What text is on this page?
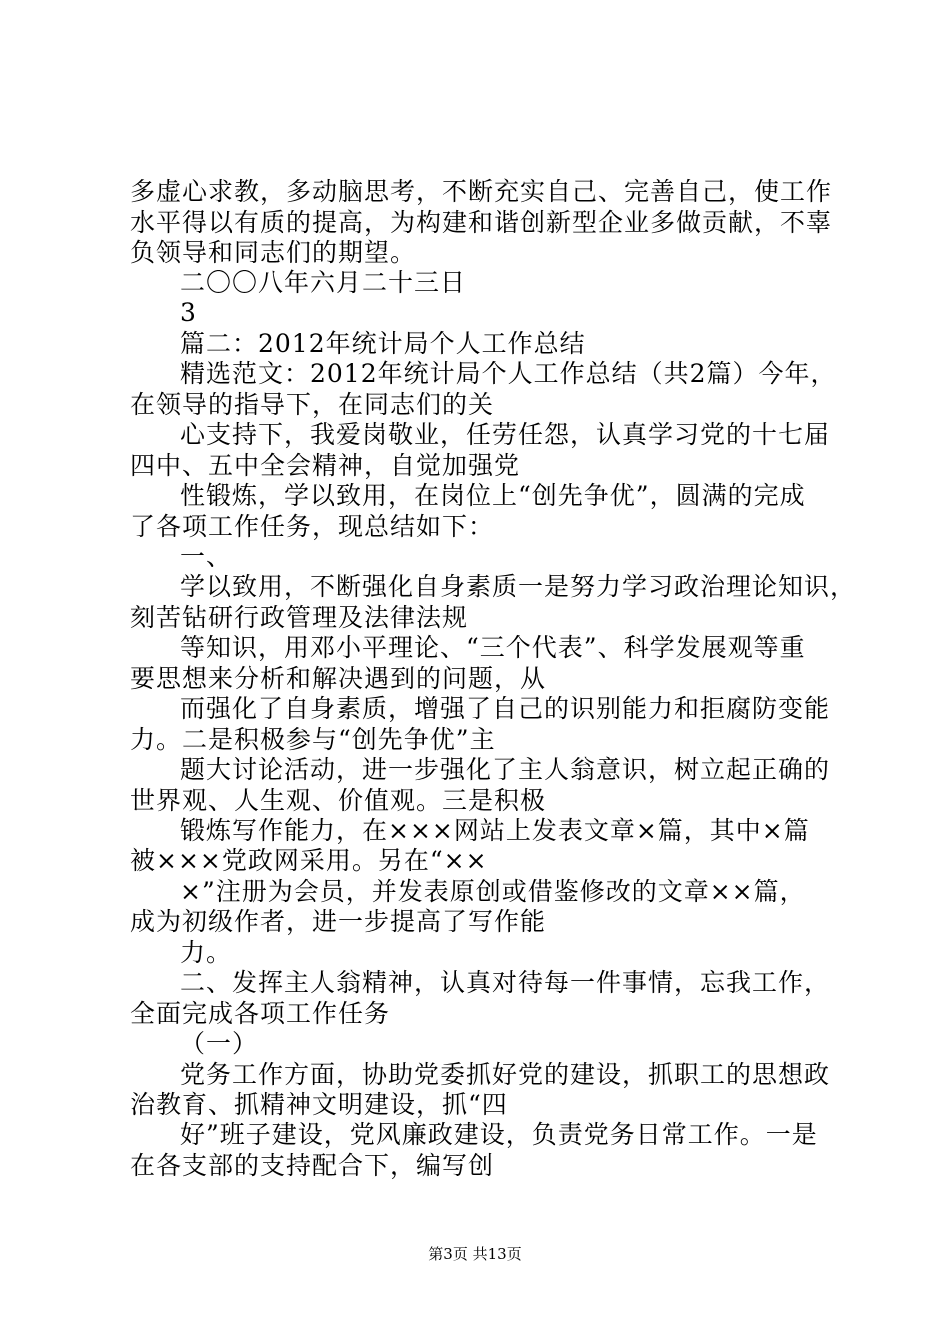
多虚心求教，多动脑思考，不断充实自己、完善自己，使工作
水平得以有质的提高，为构建和谐创新型企业多做贡献，不辜
负领导和同志们的期望。
二〇〇八年六月二十三日
3
篇二：2012年统计局个人工作总结
精选范文：2012年统计局个人工作总结（共2篇）今年，
在领导的指导下，在同志们的关
心支持下，我爱岗敬业，任劳任怨，认真学习党的十七届
四中、五中全会精神，自觉加强党
性锻炼，学以致用，在岗位上“创先争优”，圆满的完成
了各项工作任务，现总结如下：
一、
学以致用，不断强化自身素质一是努力学习政治理论知识，
刻苦钻研行政管理及法律法规
等知识，用邓小平理论、“三个代表”、科学发展观等重
要思想来分析和解决遇到的问题，从
而强化了自身素质，增强了自己的识别能力和拒腐防变能
力。二是积极参与“创先争优”主
题大讨论活动，进一步强化了主人翁意识，树立起正确的
世界观、人生观、价值观。三是积极
锻炼写作能力，在×××网站上发表文章×篇，其中×篇
被×××党政网采用。另在“××
×”注册为会员，并发表原创或借鉴修改的文章××篇，
成为初级作者，进一步提高了写作能
力。
二、发挥主人翁精神，认真对待每一件事情，忘我工作，
全面完成各项工作任务
（一）
党务工作方面，协助党委抓好党的建设，抓职工的思想政
治教育、抓精神文明建设，抓“四
好”班子建设，党风廉政建设，负责党务日常工作。一是
在各支部的支持配合下，编写创
第3页 共13页
